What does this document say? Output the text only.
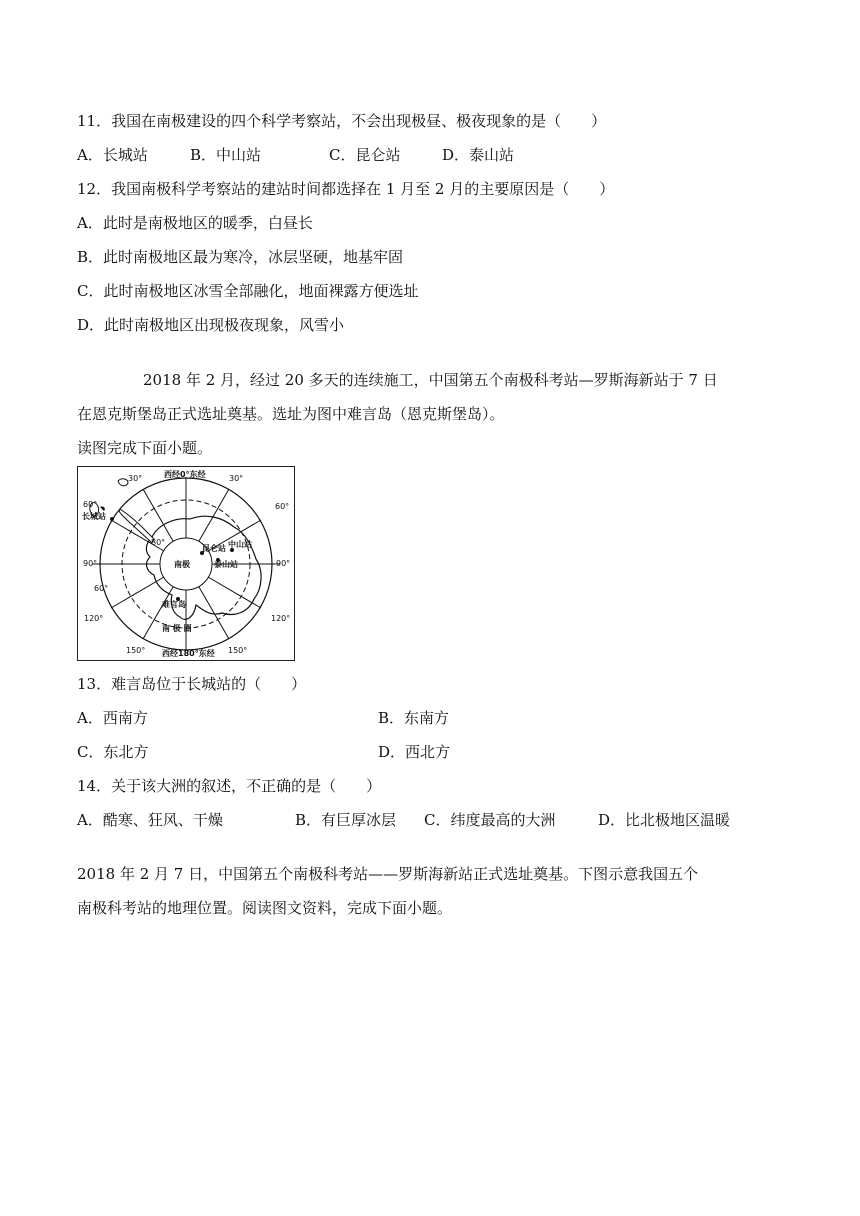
11．我国在南极建设的四个科学考察站，不会出现极昼、极夜现象的是（　　）
A．长城站	B．中山站	C．昆仑站	D．泰山站
12．我国南极科学考察站的建站时间都选择在 1 月至 2 月的主要原因是（　　）
A．此时是南极地区的暖季，白昼长
B．此时南极地区最为寒冷，冰层坚硬，地基牢固
C．此时南极地区冰雪全部融化，地面裸露方便选址
D．此时南极地区出现极夜现象，风雪小
2018 年 2 月，经过 20 多天的连续施工，中国第五个南极科考站—罗斯海新站于 7 日
在恩克斯堡岛正式选址奠基。选址为图中难言岛（恩克斯堡岛）。
读图完成下面小题。
30°	西经0°东经	30°
60°	60°
长城站
90°	90°
60°
120°	120°
150° 西经180°东经 150°
80°
南极
昆仑站 中山站
泰山站
难言岛
南 极 圈
13．难言岛位于长城站的（　　）
A．西南方	B．东南方
C．东北方	D．西北方
14．关于该大洲的叙述，不正确的是（　　）
A．酷寒、狂风、干燥	B．有巨厚冰层 C．纬度最高的大洲	D．比北极地区温暖
2018 年 2 月 7 日，中国第五个南极科考站——罗斯海新站正式选址奠基。下图示意我国五个
南极科考站的地理位置。阅读图文资料，完成下面小题。
